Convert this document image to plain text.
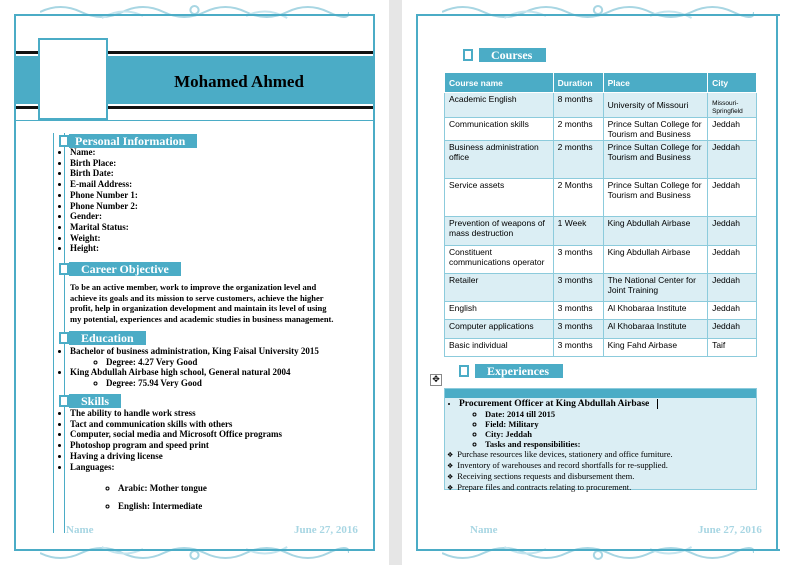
Mohamed Ahmed
Personal Information
• Name:
• Birth Place:
• Birth Date:
• E-mail Address:
• Phone Number 1:
• Phone Number 2:
• Gender:
• Marital Status:
• Weight:
• Height:
Career Objective
To be an active member, work to improve the organization level and achieve its goals and its mission to serve customers, achieve the higher profit, help in organization development and maintain its level of using my potential, experiences and academic studies in business management.
Education
• Bachelor of business administration, King Faisal University 2015
◦ Degree: 4.27 Very Good
• King Abdullah Airbase high school, General natural 2004
◦ Degree: 75.94 Very Good
Skills
• The ability to handle work stress
• Tact and communication skills with others
• Computer, social media and Microsoft Office programs
• Photoshop program and speed print
• Having a driving license
• Languages:
◦ Arabic: Mother tongue
◦ English: Intermediate
Name	June 27, 2016
Courses
Course name	Duration	Place	City
Academic English	8 months	University of Missouri	Missouri-Springfield
Communication skills	2 months	Prince Sultan College for Tourism and Business	Jeddah
Business administration office	2 months	Prince Sultan College for Tourism and Business	Jeddah
Service assets	2 Months	Prince Sultan College for Tourism and Business	Jeddah
Prevention of weapons of mass destruction	1 Week	King Abdullah Airbase	Jeddah
Constituent communications operator	3 months	King Abdullah Airbase	Jeddah
Retailer	3 months	The National Center for Joint Training	Jeddah
English	3 months	Al Khobaraa Institute	Jeddah
Computer applications	3 months	Al Khobaraa Institute	Jeddah
Basic individual	3 months	King Fahd Airbase	Taif
✥
Experiences
• Procurement Officer at King Abdullah Airbase
◦ Date: 2014 till 2015
◦ Field: Military
◦ City: Jeddah
◦ Tasks and responsibilities:
❖ Purchase resources like devices, stationery and office furniture.
❖ Inventory of warehouses and record shortfalls for re-supplied.
❖ Receiving sections requests and disbursement them.
❖ Prepare files and contracts relating to procurement.
Name	June 27, 2016
